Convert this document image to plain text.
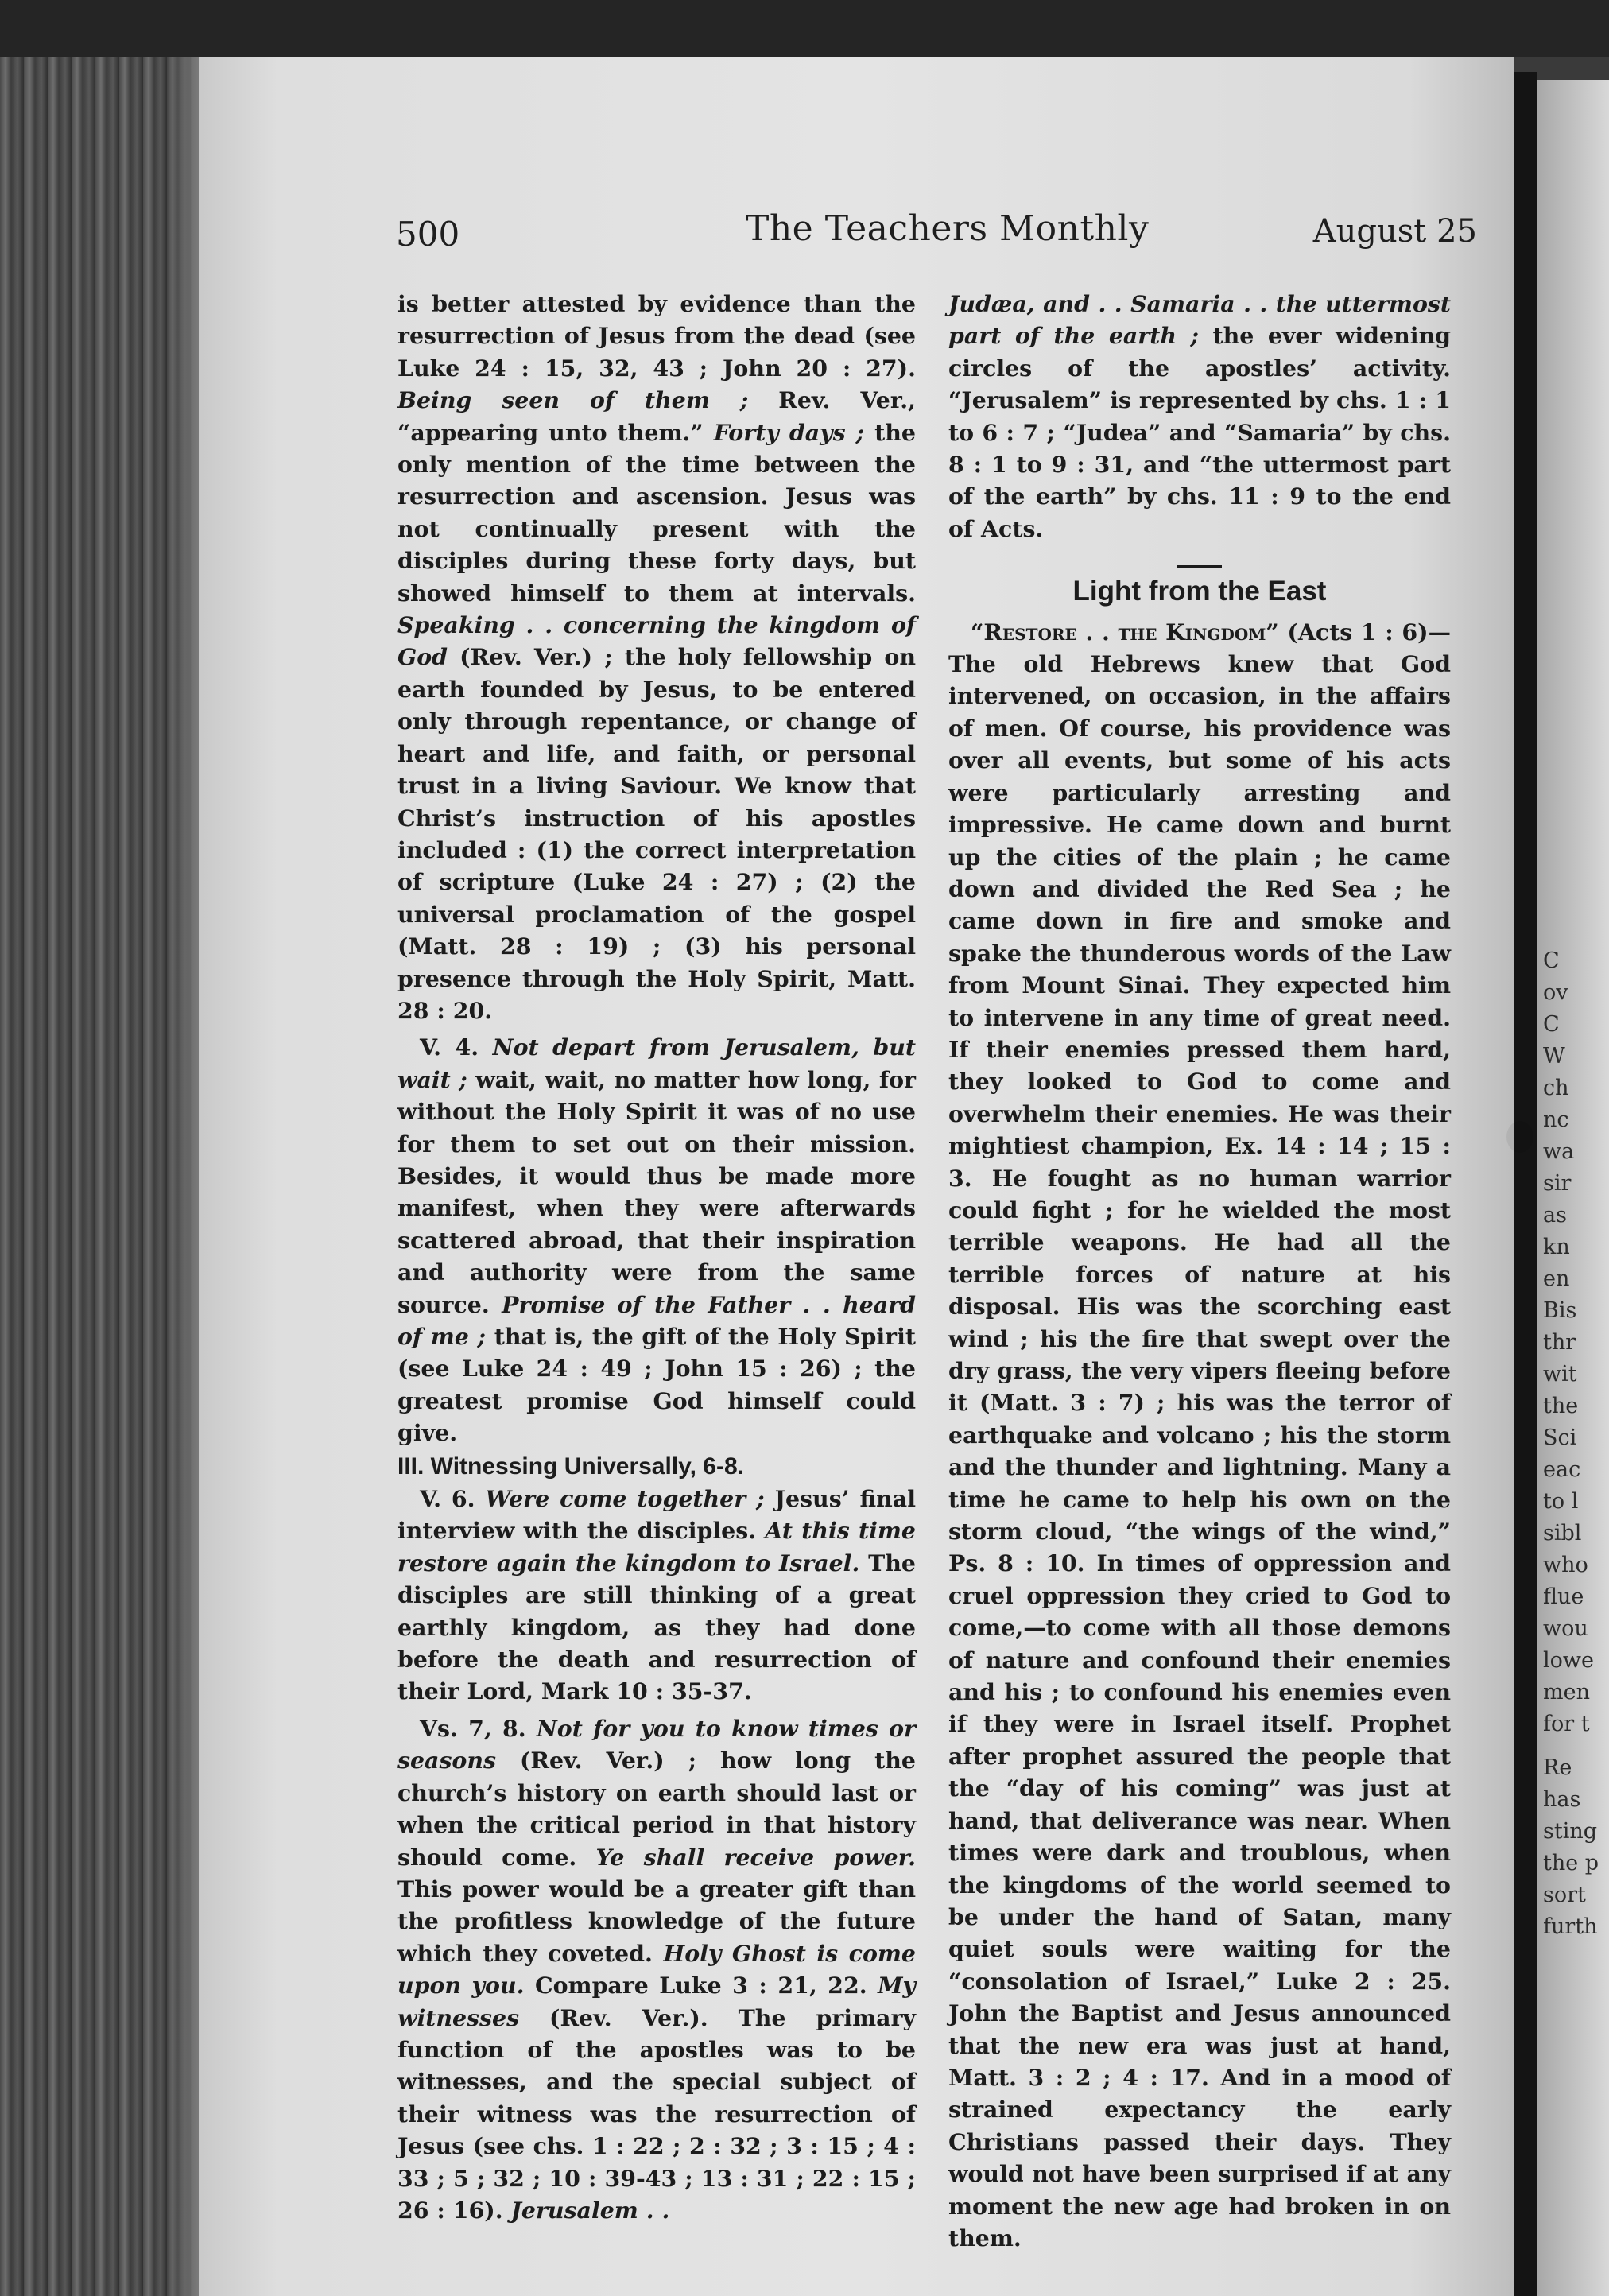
C
ov
C
W
ch
nc
wa
sir
as
kn
en
Bis
thr
wit
the
Sci
eac
to l
sibl
who
flue
wou
lowe
men
for t
Re
has
sting
the p
sort
furth
500	The Teachers Monthly	August 25

is better attested by evidence than the resurrection of Jesus from the dead (see Luke 24 : 15, 32, 43 ; John 20 : 27). Being seen of them ; Rev. Ver., “appearing unto them.” Forty days ; the only mention of the time between the resurrection and ascension. Jesus was not continually present with the disciples during these forty days, but showed himself to them at intervals. Speaking . . concerning the kingdom of God (Rev. Ver.) ; the holy fellowship on earth founded by Jesus, to be entered only through repentance, or change of heart and life, and faith, or personal trust in a living Saviour. We know that Christ’s instruction of his apostles included : (1) the correct interpretation of scripture (Luke 24 : 27) ; (2) the universal proclamation of the gospel (Matt. 28 : 19) ; (3) his personal presence through the Holy Spirit, Matt. 28 : 20.

V. 4. Not depart from Jerusalem, but wait ; wait, wait, no matter how long, for without the Holy Spirit it was of no use for them to set out on their mission. Besides, it would thus be made more manifest, when they were afterwards scattered abroad, that their inspiration and authority were from the same source. Promise of the Father . . heard of me ; that is, the gift of the Holy Spirit (see Luke 24 : 49 ; John 15 : 26) ; the greatest promise God himself could give.

III. Witnessing Universally, 6-8.

V. 6. Were come together ; Jesus’ final interview with the disciples. At this time restore again the kingdom to Israel. The disciples are still thinking of a great earthly kingdom, as they had done before the death and resurrection of their Lord, Mark 10 : 35-37.

Vs. 7, 8. Not for you to know times or seasons (Rev. Ver.) ; how long the church’s history on earth should last or when the critical period in that history should come. Ye shall receive power. This power would be a greater gift than the profitless knowledge of the future which they coveted. Holy Ghost is come upon you. Compare Luke 3 : 21, 22. My witnesses (Rev. Ver.). The primary function of the apostles was to be witnesses, and the special subject of their witness was the resurrection of Jesus (see chs. 1 : 22 ; 2 : 32 ; 3 : 15 ; 4 : 33 ; 5 ; 32 ; 10 : 39-43 ; 13 : 31 ; 22 : 15 ; 26 : 16). Jerusalem . .

Judæa, and . . Samaria . . the uttermost part of the earth ; the ever widening circles of the apostles’ activity. “Jerusalem” is represented by chs. 1 : 1 to 6 : 7 ; “Judea” and “Samaria” by chs. 8 : 1 to 9 : 31, and “the uttermost part of the earth” by chs. 11 : 9 to the end of Acts.

Light from the East

“Restore . . the Kingdom” (Acts 1 : 6)—The old Hebrews knew that God intervened, on occasion, in the affairs of men. Of course, his providence was over all events, but some of his acts were particularly arresting and impressive. He came down and burnt up the cities of the plain ; he came down and divided the Red Sea ; he came down in fire and smoke and spake the thunderous words of the Law from Mount Sinai. They expected him to intervene in any time of great need. If their enemies pressed them hard, they looked to God to come and overwhelm their enemies. He was their mightiest champion, Ex. 14 : 14 ; 15 : 3. He fought as no human warrior could fight ; for he wielded the most terrible weapons. He had all the terrible forces of nature at his disposal. His was the scorching east wind ; his the fire that swept over the dry grass, the very vipers fleeing before it (Matt. 3 : 7) ; his was the terror of earthquake and volcano ; his the storm and the thunder and lightning. Many a time he came to help his own on the storm cloud, “the wings of the wind,” Ps. 8 : 10. In times of oppression and cruel oppression they cried to God to come,—to come with all those demons of nature and confound their enemies and his ; to confound his enemies even if they were in Israel itself. Prophet after prophet assured the people that the “day of his coming” was just at hand, that deliverance was near. When times were dark and troublous, when the kingdoms of the world seemed to be under the hand of Satan, many quiet souls were waiting for the “consolation of Israel,” Luke 2 : 25. John the Baptist and Jesus announced that the new era was just at hand, Matt. 3 : 2 ; 4 : 17. And in a mood of strained expectancy the early Christians passed their days. They would not have been surprised if at any moment the new age had broken in on them.
